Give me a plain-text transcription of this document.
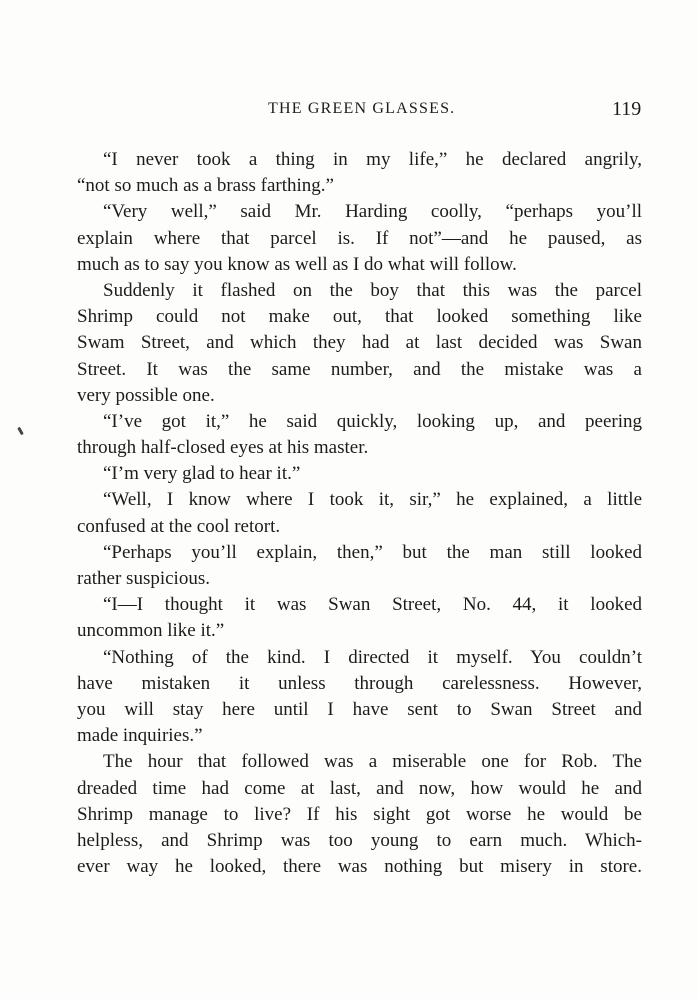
THE GREEN GLASSES.	119
“I never took a thing in my life,” he declared angrily,
“not so much as a brass farthing.”
“Very well,” said Mr. Harding coolly, “perhaps you’ll
explain where that parcel is. If not”—and he paused, as
much as to say you know as well as I do what will follow.
Suddenly it flashed on the boy that this was the parcel
Shrimp could not make out, that looked something like
Swam Street, and which they had at last decided was Swan
Street. It was the same number, and the mistake was a
very possible one.
“I’ve got it,” he said quickly, looking up, and peering
through half-closed eyes at his master.
“I’m very glad to hear it.”
“Well, I know where I took it, sir,” he explained, a little
confused at the cool retort.
“Perhaps you’ll explain, then,” but the man still looked
rather suspicious.
“I—I thought it was Swan Street, No. 44, it looked
uncommon like it.”
“Nothing of the kind. I directed it myself. You couldn’t
have mistaken it unless through carelessness. However,
you will stay here until I have sent to Swan Street and
made inquiries.”
The hour that followed was a miserable one for Rob. The
dreaded time had come at last, and now, how would he and
Shrimp manage to live? If his sight got worse he would be
helpless, and Shrimp was too young to earn much. Which-
ever way he looked, there was nothing but misery in store.
